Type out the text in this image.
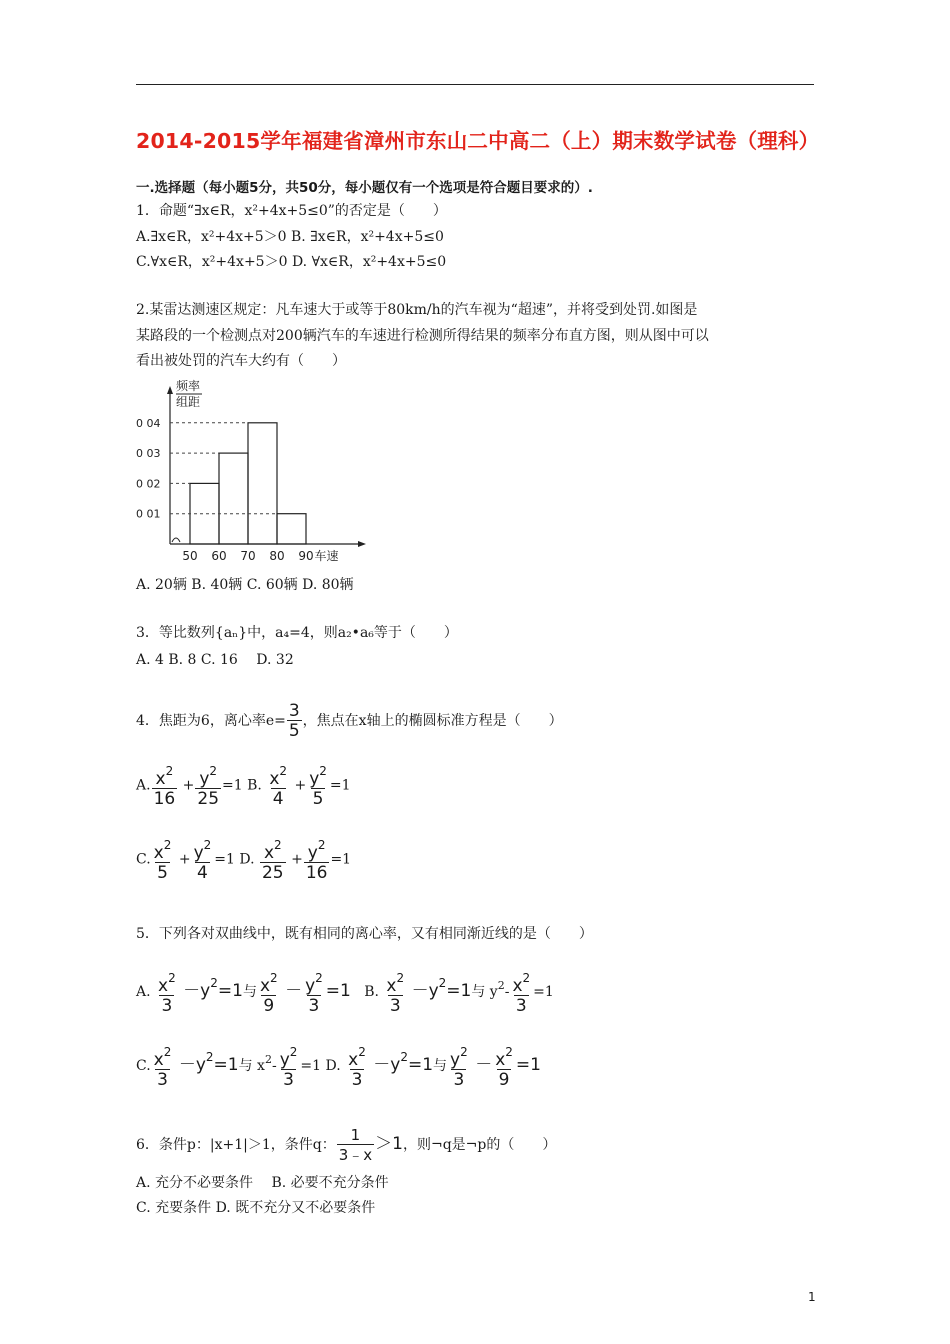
2014-2015学年福建省漳州市东山二中高二（上）期末数学试卷（理科）
一.选择题（每小题5分，共50分，每小题仅有一个选项是符合题目要求的）.
1．命题“∃x∈R，x²+4x+5≤0”的否定是（　　）
A.∃x∈R，x²+4x+5＞0 B. ∃x∈R，x²+4x+5≤0
C.∀x∈R，x²+4x+5＞0 D. ∀x∈R，x²+4x+5≤0
2.某雷达测速区规定：凡车速大于或等于80km/h的汽车视为“超速”，并将受到处罚.如图是
某路段的一个检测点对200辆汽车的车速进行检测所得结果的频率分布直方图，则从图中可以
看出被处罚的汽车大约有（　　）
频率
组距
0 04
0 03
0 02
0 01
50 60 70 80 90 车速
A. 20辆 B. 40辆 C. 60辆 D. 80辆
3．等比数列{aₙ}中，a₄=4，则a₂•a₆等于（　　）
A. 4 B. 8 C. 16　 D. 32
4．焦距为6，离心率$e= \frac{3}{5}$ ，焦点在x轴上的椭圆标准方程是（　　）
A. $\frac{x^2}{16} + \frac{y^2}{25} =1$ B. $\frac{x^2}{4} + \frac{y^2}{5} =1$
C. $\frac{x^2}{5} + \frac{y^2}{4} =1$ D. $\frac{x^2}{25} + \frac{y^2}{16} =1$
5．下列各对双曲线中，既有相同的离心率，又有相同渐近线的是（　　）
A. $\frac{x^2}{3} -y^2=1$与 $\frac{x^2}{9} - \frac{y^2}{3} =1$ B. $\frac{x^2}{3} -y^2=1$与 $y^2- \frac{x^2}{3} =1$
C. $\frac{x^2}{3} -y^2=1$与 $x^2- \frac{y^2}{3} =1$ D. $\frac{x^2}{3} -y^2=1$与 $\frac{y^2}{3} - \frac{x^2}{9} =1$
6．条件p：|x+1|＞1，条件q： $\frac{1}{3﹣x} >1$，则¬q是¬p的（　　）
A. 充分不必要条件　 B. 必要不充分条件
C. 充要条件 D. 既不充分又不必要条件
1
